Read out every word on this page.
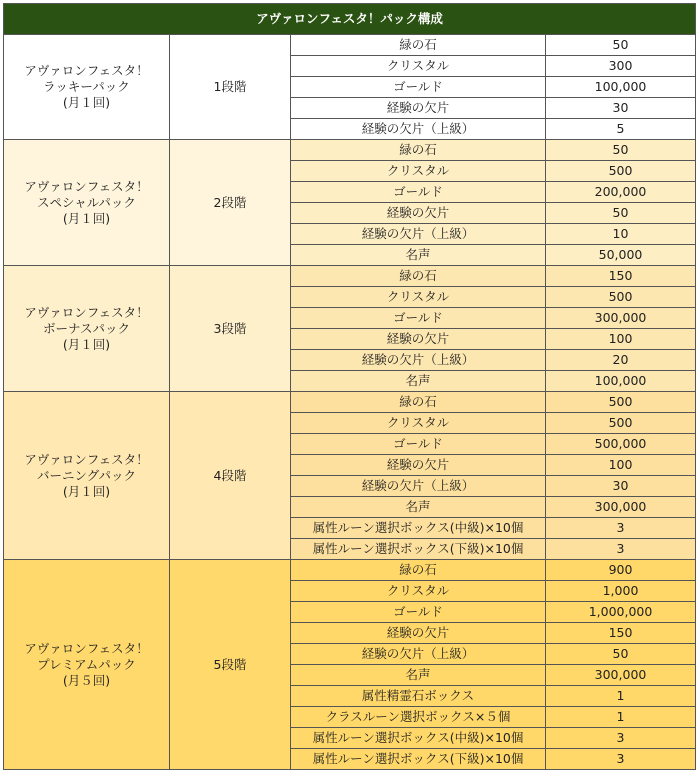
アヴァロンフェスタ！パック構成			

アヴァロンフェスタ！
ラッキーパック
(月１回)	1段階	緑の石	50
		クリスタル	300
		ゴールド	100,000
		経験の欠片	30
		経験の欠片（上級）	5

アヴァロンフェスタ！
スペシャルパック
(月１回)	2段階	緑の石	50
		クリスタル	500
		ゴールド	200,000
		経験の欠片	50
		経験の欠片（上級）	10
		名声	50,000

アヴァロンフェスタ！
ボーナスパック
(月１回)	3段階	緑の石	150
		クリスタル	500
		ゴールド	300,000
		経験の欠片	100
		経験の欠片（上級）	20
		名声	100,000

アヴァロンフェスタ！
バーニングパック
(月１回)	4段階	緑の石	500
		クリスタル	500
		ゴールド	500,000
		経験の欠片	100
		経験の欠片（上級）	30
		名声	300,000
		属性ルーン選択ボックス(中級)×10個	3
		属性ルーン選択ボックス(下級)×10個	3

アヴァロンフェスタ！
プレミアムパック
(月５回)	5段階	緑の石	900
		クリスタル	1,000
		ゴールド	1,000,000
		経験の欠片	150
		経験の欠片（上級）	50
		名声	300,000
		属性精霊石ボックス	1
		クラスルーン選択ボックス×５個	1
		属性ルーン選択ボックス(中級)×10個	3
		属性ルーン選択ボックス(下級)×10個	3
